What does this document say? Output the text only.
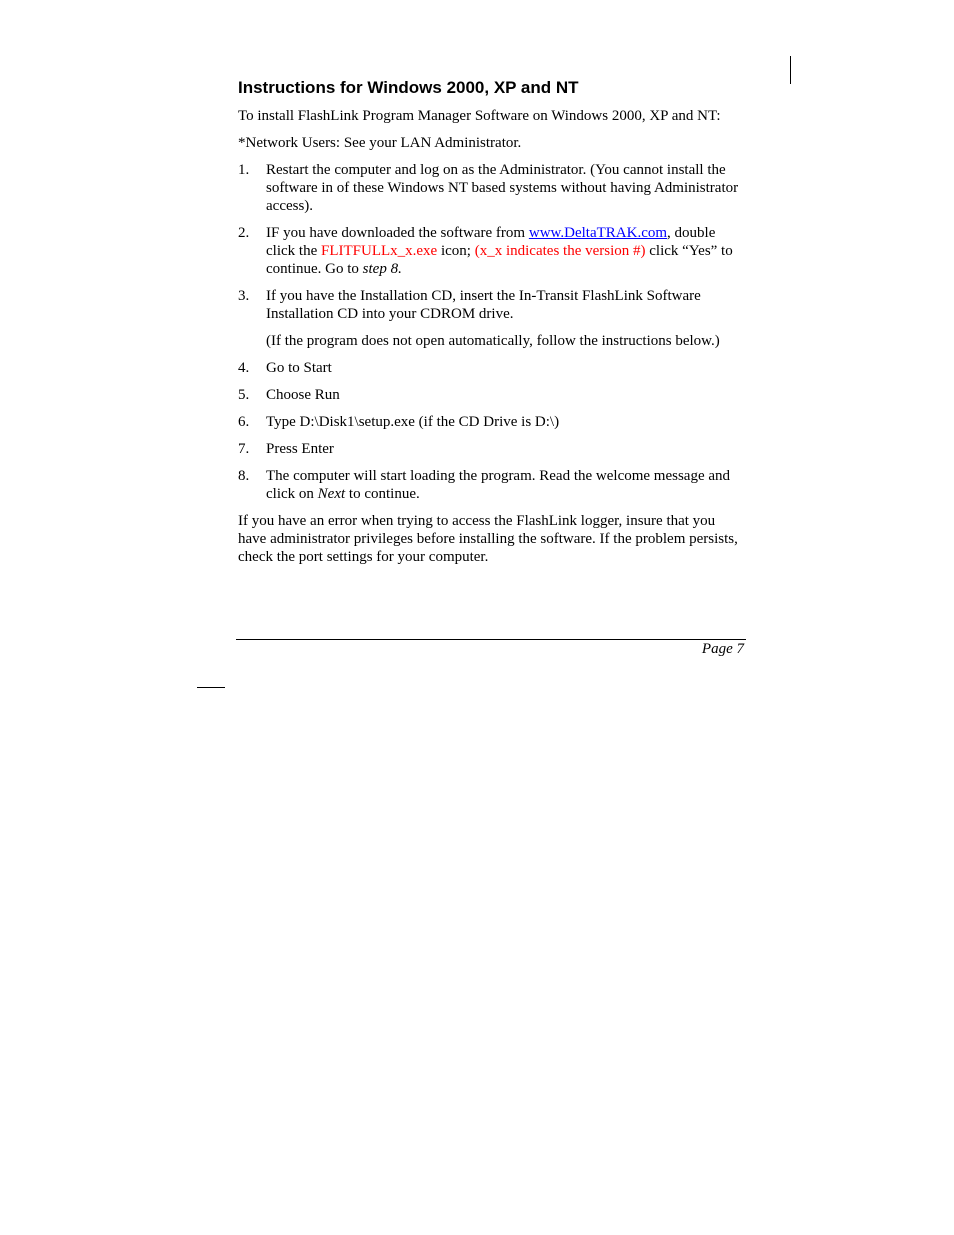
Instructions for Windows 2000, XP and NT

To install FlashLink Program Manager Software on Windows 2000, XP and NT:

*Network Users: See your LAN Administrator.

1.	Restart the computer and log on as the Administrator. (You cannot install the software in of these Windows NT based systems without having Administrator access).
2.	IF you have downloaded the software from www.DeltaTRAK.com, double click the FLITFULLx_x.exe icon; (x_x indicates the version #) click “Yes” to continue. Go to step 8.
3.	If you have the Installation CD, insert the In-Transit FlashLink Software Installation CD into your CDROM drive.

(If the program does not open automatically, follow the instructions below.)

4.	Go to Start
5.	Choose Run
6.	Type D:\Disk1\setup.exe (if the CD Drive is D:\)
7.	Press Enter
8.	The computer will start loading the program. Read the welcome message and click on Next to continue.

If you have an error when trying to access the FlashLink logger, insure that you have administrator privileges before installing the software. If the problem persists, check the port settings for your computer.

Page 7
